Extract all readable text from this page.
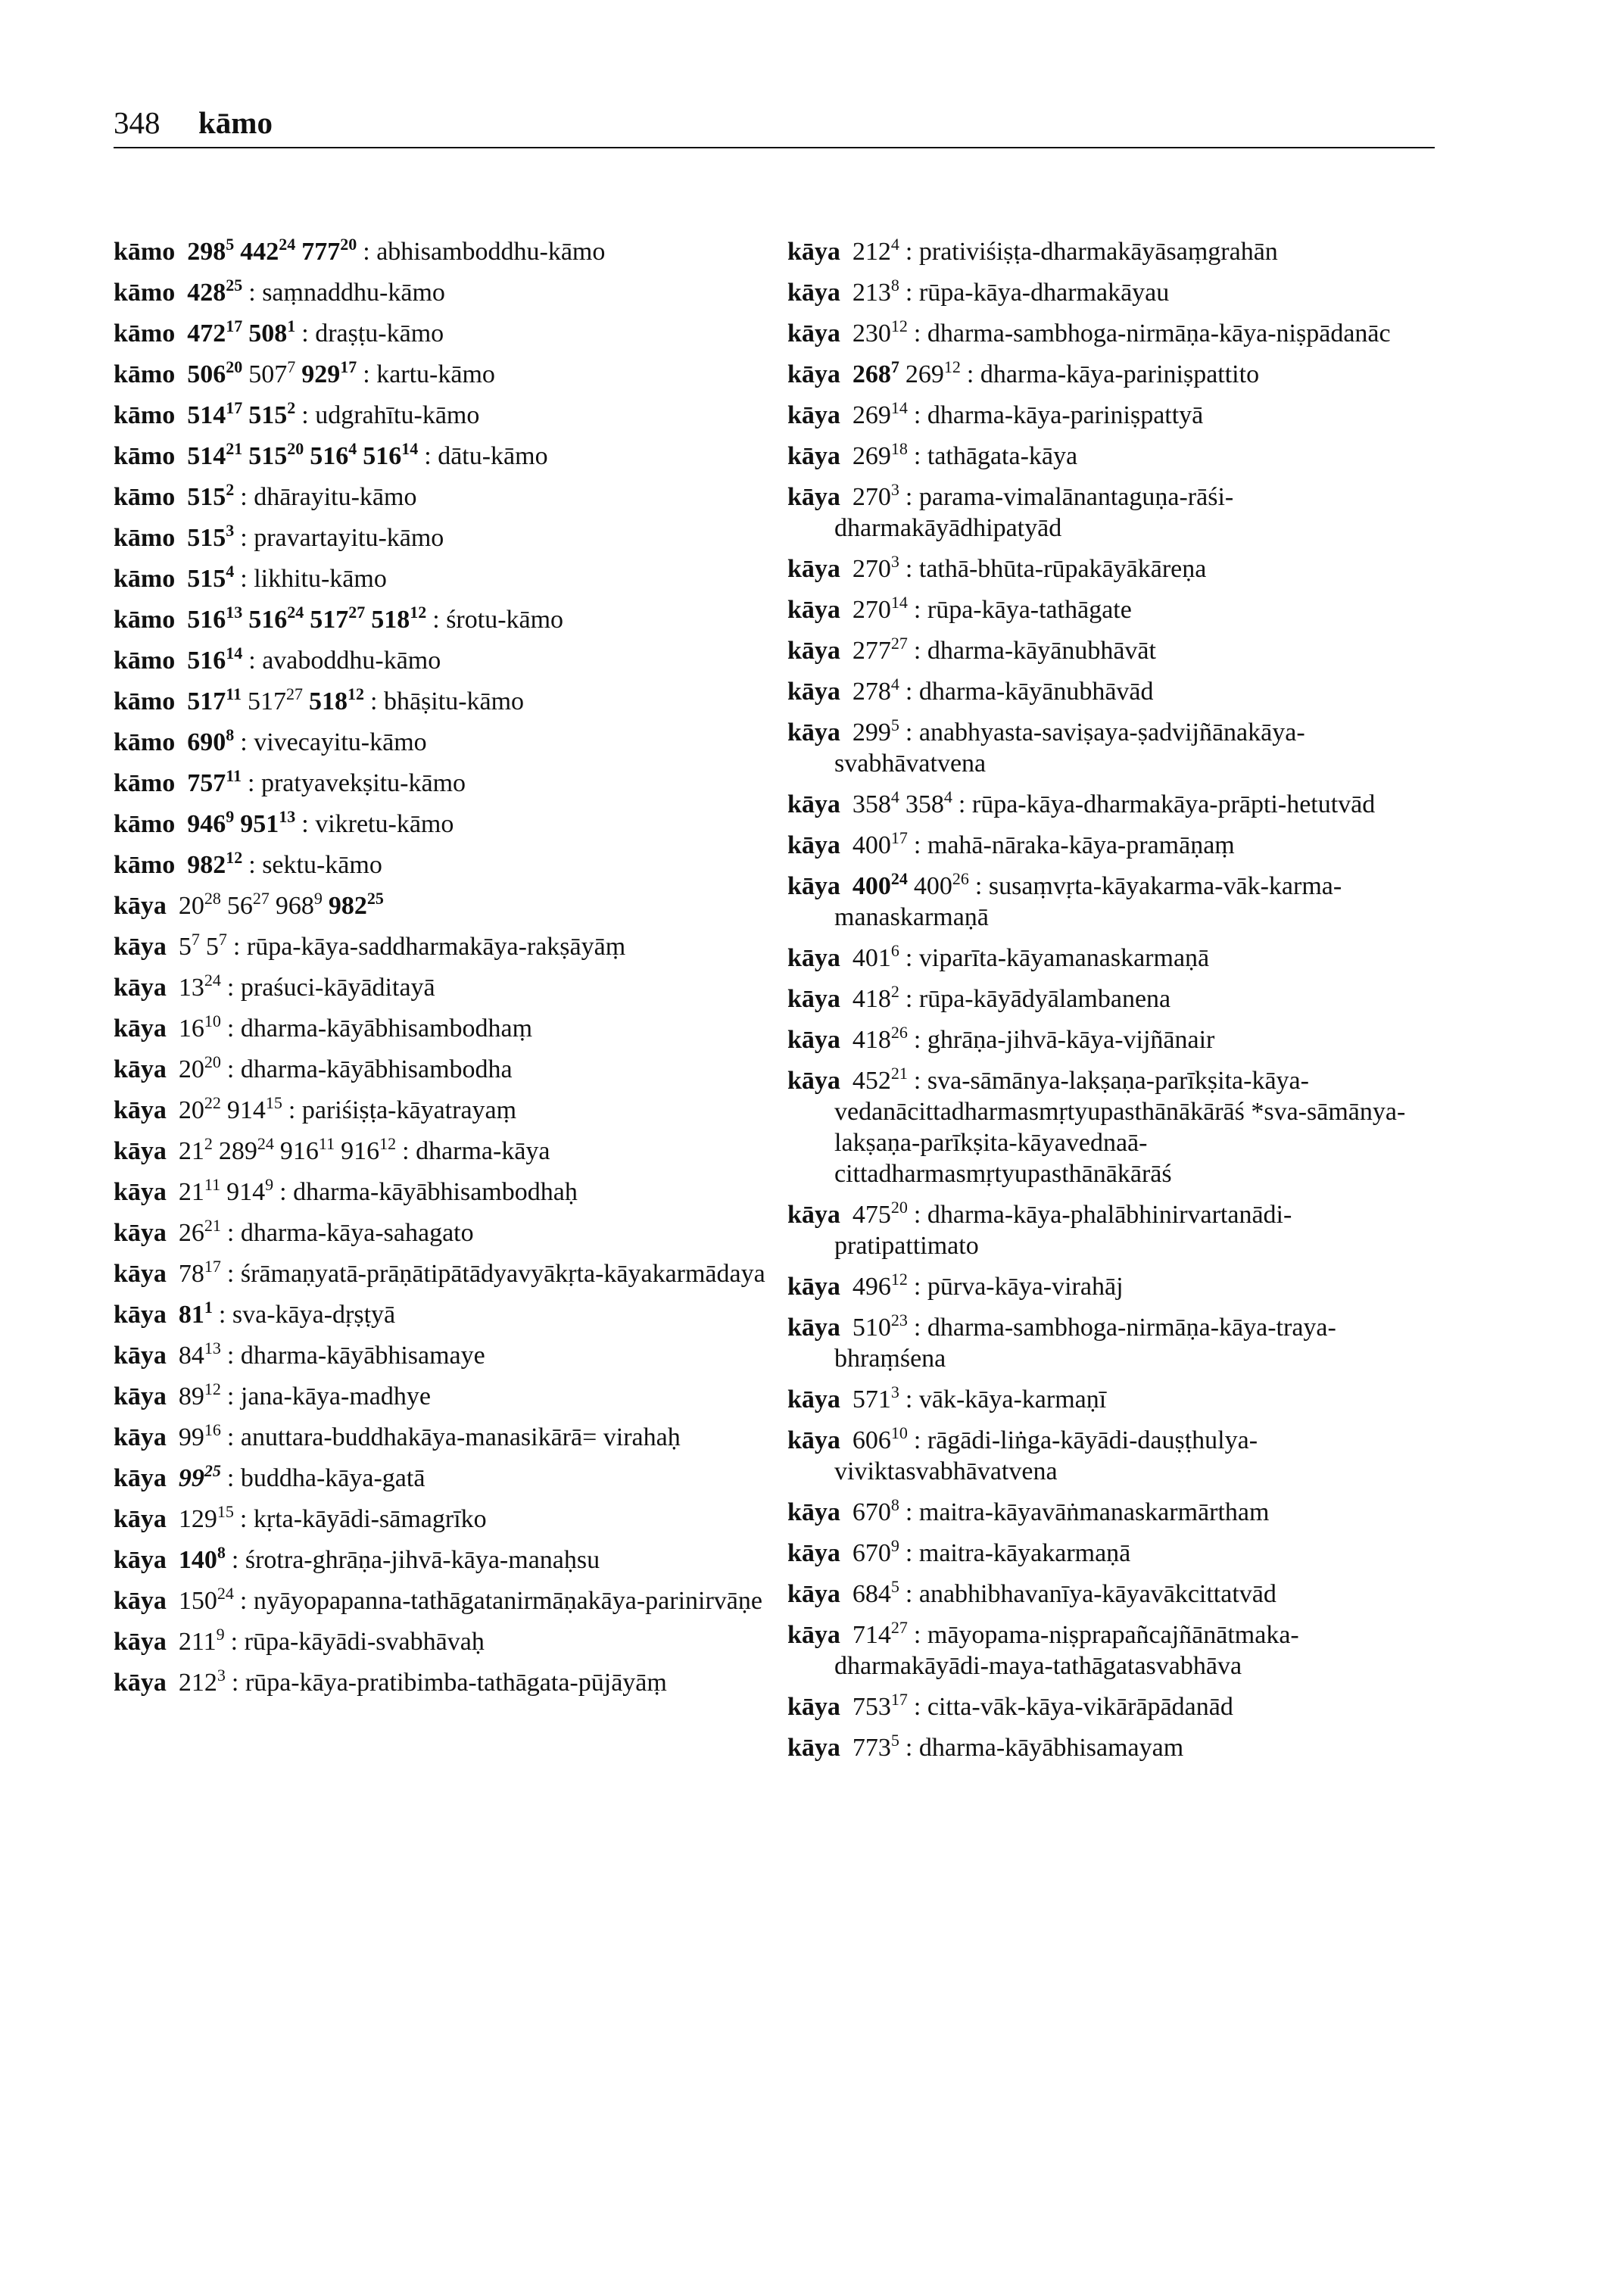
348 kāmo
kāmo $298^5$ $442^{24}$ $777^{20}$ : abhisamboddhu-kāmo
kāmo $428^{25}$ : saṃnaddhu-kāmo
kāmo $472^{17}$ $508^1$ : draṣṭu-kāmo
kāmo $506^{20}$ $507^7$ $929^{17}$ : kartu-kāmo
kāmo $514^{17}$ $515^2$ : udgrahītu-kāmo
kāmo $514^{21}$ $515^{20}$ $516^4$ $516^{14}$ : dātu-kāmo
kāmo $515^2$ : dhārayitu-kāmo
kāmo $515^3$ : pravartayitu-kāmo
kāmo $515^4$ : likhitu-kāmo
kāmo $516^{13}$ $516^{24}$ $517^{27}$ $518^{12}$ : śrotu-kāmo
kāmo $516^{14}$ : avaboddhu-kāmo
kāmo $517^{11}$ $517^{27}$ $518^{12}$ : bhāṣitu-kāmo
kāmo $690^8$ : vivecayitu-kāmo
kāmo $757^{11}$ : pratyavekṣitu-kāmo
kāmo $946^9$ $951^{13}$ : vikretu-kāmo
kāmo $982^{12}$ : sektu-kāmo
kāya $20^{28}$ $56^{27}$ $968^9$ $982^{25}$
kāya $5^7$ $5^7$ : rūpa-kāya-saddharmakāya-rakṣāyāṃ
kāya $13^{24}$ : praśuci-kāyāditayā
kāya $16^{10}$ : dharma-kāyābhisambodhaṃ
kāya $20^{20}$ : dharma-kāyābhisambodha
kāya $20^{22}$ $914^{15}$ : pariśiṣṭa-kāyatrayaṃ
kāya $21^2$ $289^{24}$ $916^{11}$ $916^{12}$ : dharma-kāya
kāya $21^{11}$ $914^9$ : dharma-kāyābhisambodhaḥ
kāya $26^{21}$ : dharma-kāya-sahagato
kāya $78^{17}$ : śrāmaṇyatā-prāṇātipātādyavyākṛta-kāyakarmādaya
kāya $81^1$ : sva-kāya-dṛṣṭyā
kāya $84^{13}$ : dharma-kāyābhisamaye
kāya $89^{12}$ : jana-kāya-madhye
kāya $99^{16}$ : anuttara-buddhakāya-manasikārā= virahaḥ
kāya $99^{25}$ : buddha-kāya-gatā
kāya $129^{15}$ : kṛta-kāyādi-sāmagrīko
kāya $140^8$ : śrotra-ghrāṇa-jihvā-kāya-manaḥsu
kāya $150^{24}$ : nyāyopapanna-tathāgatanirmāṇakāya-parinirvāṇe
kāya $211^9$ : rūpa-kāyādi-svabhāvaḥ
kāya $212^3$ : rūpa-kāya-pratibimba-tathāgata-pūjāyāṃ
kāya $212^4$ : prativiśiṣṭa-dharmakāyāsaṃgrahān
kāya $213^8$ : rūpa-kāya-dharmakāyau
kāya $230^{12}$ : dharma-sambhoga-nirmāṇa-kāya-niṣpādanāc
kāya $268^7$ $269^{12}$ : dharma-kāya-pariniṣpattito
kāya $269^{14}$ : dharma-kāya-pariniṣpattyā
kāya $269^{18}$ : tathāgata-kāya
kāya $270^3$ : parama-vimalānantaguṇa-rāśi-dharmakāyādhipatyād
kāya $270^3$ : tathā-bhūta-rūpakāyākāreṇa
kāya $270^{14}$ : rūpa-kāya-tathāgate
kāya $277^{27}$ : dharma-kāyānubhāvāt
kāya $278^4$ : dharma-kāyānubhāvād
kāya $299^5$ : anabhyasta-saviṣaya-ṣadvijñānakāya-svabhāvatvena
kāya $358^4$ $358^4$ : rūpa-kāya-dharmakāya-prāpti-hetutvād
kāya $400^{17}$ : mahā-nāraka-kāya-pramāṇaṃ
kāya $400^{24}$ $400^{26}$ : susaṃvṛta-kāyakarma-vāk-karma-manaskarmaṇā
kāya $401^6$ : viparīta-kāyamanaskarmaṇā
kāya $418^2$ : rūpa-kāyādyālambanena
kāya $418^{26}$ : ghrāṇa-jihvā-kāya-vijñānair
kāya $452^{21}$ : sva-sāmānya-lakṣaṇa-parīkṣita-kāya-vedanācittadharmasmṛtyupasthānākārāś *sva-sāmānya-lakṣaṇa-parīkṣita-kāyavednaā-cittadharmasmṛtyupasthānākārāś
kāya $475^{20}$ : dharma-kāya-phalābhinirvartanādi-pratipattimato
kāya $496^{12}$ : pūrva-kāya-virahāj
kāya $510^{23}$ : dharma-sambhoga-nirmāṇa-kāya-traya-bhraṃśena
kāya $571^3$ : vāk-kāya-karmaṇī
kāya $606^{10}$ : rāgādi-liṅga-kāyādi-dauṣṭhulya-viviktasvabhāvatvena
kāya $670^8$ : maitra-kāyavāṅmanaskarmārtham
kāya $670^9$ : maitra-kāyakarmaṇā
kāya $684^5$ : anabhibhavanīya-kāyavākcittatvād
kāya $714^{27}$ : māyopama-niṣprapañcajñānātmaka-dharmakāyādi-maya-tathāgatasvabhāva
kāya $753^{17}$ : citta-vāk-kāya-vikārāpādanād
kāya $773^5$ : dharma-kāyābhisamayam
